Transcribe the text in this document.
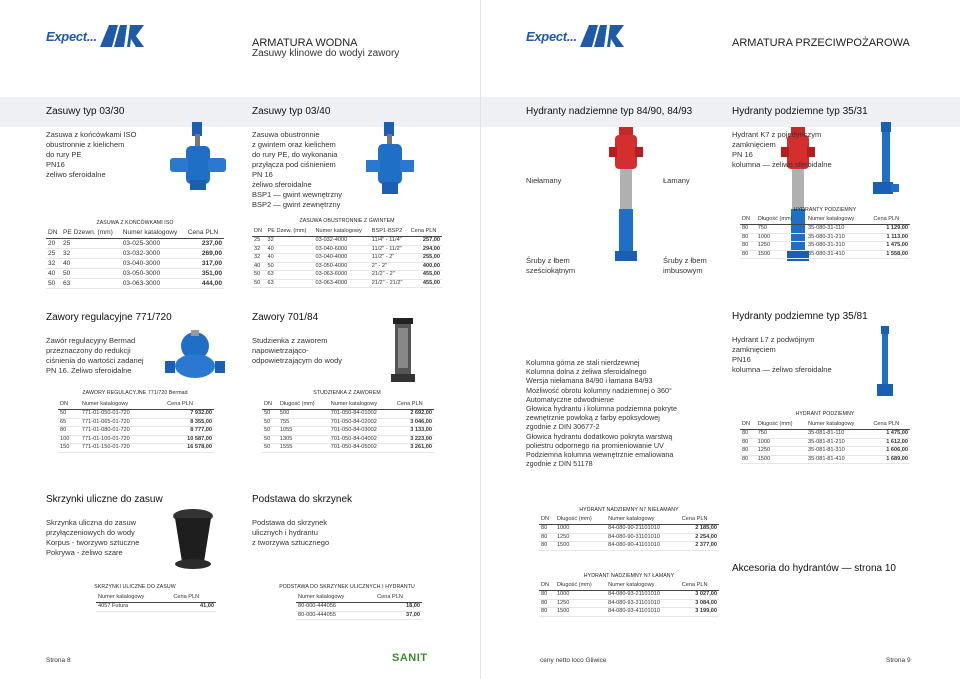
Expect...	ARMATURA WODNA
Zasuwy klinowe do wodyi zawory
Zasuwy typ 03/30	Zasuwy typ 03/40
Zasuwa z końcówkami ISO
obustronnie z kielichem
do rury PE
PN16
żeliwo sferoidalne
ZASUWA Z KOŃCÓWKAMI ISO
DN	PE Dzewn. (mm)	Numer katalogowy	Cena PLN
20	25	03-025-3000	237,00
25	32	03-032-3000	269,00
32	40	03-040-3000	317,00
40	50	03-050-3000	351,00
50	63	03-063-3000	444,00
Zasuwa obustronnie
z gwintem oraz kielichem
do rury PE, do wykonania
przyłącza pod ciśnieniem
PN 16
żeliwo sferoidalne
BSP1 — gwint wewnętrzny
BSP2 — gwint zewnętrzny
ZASUWA OBUSTRONNIE Z GWINTEM
DN	PE Dzew. (mm)	Numer katalogowy	BSP1-BSP2	Cena PLN
25	32	03-032-4000	11/4" - 11/4"	257,00
32	40	03-040-6000	11/2" - 11/2"	294,00
32	40	03-040-4000	11/2" - 2"	255,00
40	50	03-050-4000	2" - 2"	400,00
50	63	03-063-6000	21/2" - 2"	455,00
50	63	03-063-4000	21/2" - 21/2"	455,00
Zawory regulacyjne 771/720
Zawór regulacyjny Bermad
przeznaczony do redukcji
ciśnienia do wartości zadanej
PN 16. Żeliwo sferoidalne
ZAWORY REGULACYJNE 771/720 Bermad
DN	Numer katalogowy	Cena PLN
50	771-01-050-01-720	7 932,00
65	771-01-065-01-720	8 355,00
80	771-01-080-01-720	8 777,00
100	771-01-100-01-720	10 587,00
150	771-01-150-01-720	16 578,00
Zawory 701/84
Studzienka z zaworem
napowietrzająco-
odpowietrzającym do wody
STUDZIENKA Z ZAWOREM
DN	Długość (mm)	Numer katalogowy	Cena PLN
50	500	701-050-84-01002	2 692,00
50	755	701-050-84-02002	3 046,00
50	1055	701-050-84-03002	3 133,00
50	1305	701-050-84-04002	3 223,00
50	1555	701-050-84-05002	3 261,00
Skrzynki uliczne do zasuw
Skrzynka uliczna do zasuw
przyłączeniowych do wody
Korpus - tworzywo sztuczne
Pokrywa - żeliwo szare
SKRZYNKI ULICZNE DO ZASUW
Numer katalogowy	Cena PLN
4057 Futura	41,00
Podstawa do skrzynek
Podstawa do skrzynek
ulicznych i hydrantu
z tworzywa sztucznego
PODSTAWA DO SKRZYNEK ULICZNYCH I HYDRANTU
Numer katalogowy	Cena PLN
80-000-444056	18,00
80-000-444055	37,00
Strona 8	SANIT
Expect...	ARMATURA PRZECIWPOŻAROWA
Hydranty nadziemne typ 84/90, 84/93	Hydranty podziemne typ 35/31
Niełamany	Łamany
Śruby z łbem
sześciokątnym
Śruby z łbem
imbusowym
Hydrant K7 z pojedynczym
zamknięciem
PN 16
kolumna — żeliwo sferoidalne
HYDRANTY PODZIEMNY
DN	Długość (mm)	Numer katalogowy	Cena PLN
80	750	35-080-31-110	1 129,00
80	1000	35-080-31-210	1 113,00
80	1250	35-080-31-310	1 475,00
80	1500	35-080-31-410	1 558,00
Kolumna górna ze stali nierdzewnej
Kolumna dolna z żeliwa sferoidalnego
Wersja niełamana 84/90 i łamana 84/93
Możliwość obrotu kolumny nadziemnej o 360°
Automatyczne odwodnienie
Głowica hydrantu i kolumna podziemna pokryte
zewnętrznie powłoką z farby epoksydowej
zgodnie z DIN 30677-2
Głowica hydrantu dodatkowo pokryta warstwą
poliestru odpornego na promieniowanie UV
Podziemna kolumna wewnętrznie emaliowana
zgodnie z DIN 51178
Hydranty podziemne typ 35/81
Hydrant L7 z podwójnym
zamknięciem
PN16
kolumna — żeliwo sferoidalne
HYDRANT PODZIEMNY
DN	Długość (mm)	Numer katalogowy	Cena PLN
80	750	35-081-81-110	1 475,00
80	1000	35-081-81-210	1 612,00
80	1250	35-081-81-310	1 606,00
80	1500	35-081-81-410	1 689,00
HYDRANT NADZIEMNY N7 NIEŁAMANY
DN	Długość (mm)	Numer katalogowy	Cena PLN
80	1000	84-080-90-21101010	2 185,00
80	1250	84-080-90-31101010	2 254,00
80	1500	84-080-90-41101010	2 377,00
HYDRANT NADZIEMNY N7 ŁAMANY
DN	Długość (mm)	Numer katalogowy	Cena PLN
80	1000	84-080-93-21101010	3 027,00
80	1250	84-080-93-31101010	3 084,00
80	1500	84-080-93-41101010	3 199,00
Akcesoria do hydrantów — strona 10
ceny netto loco Gliwice	Strona 9
